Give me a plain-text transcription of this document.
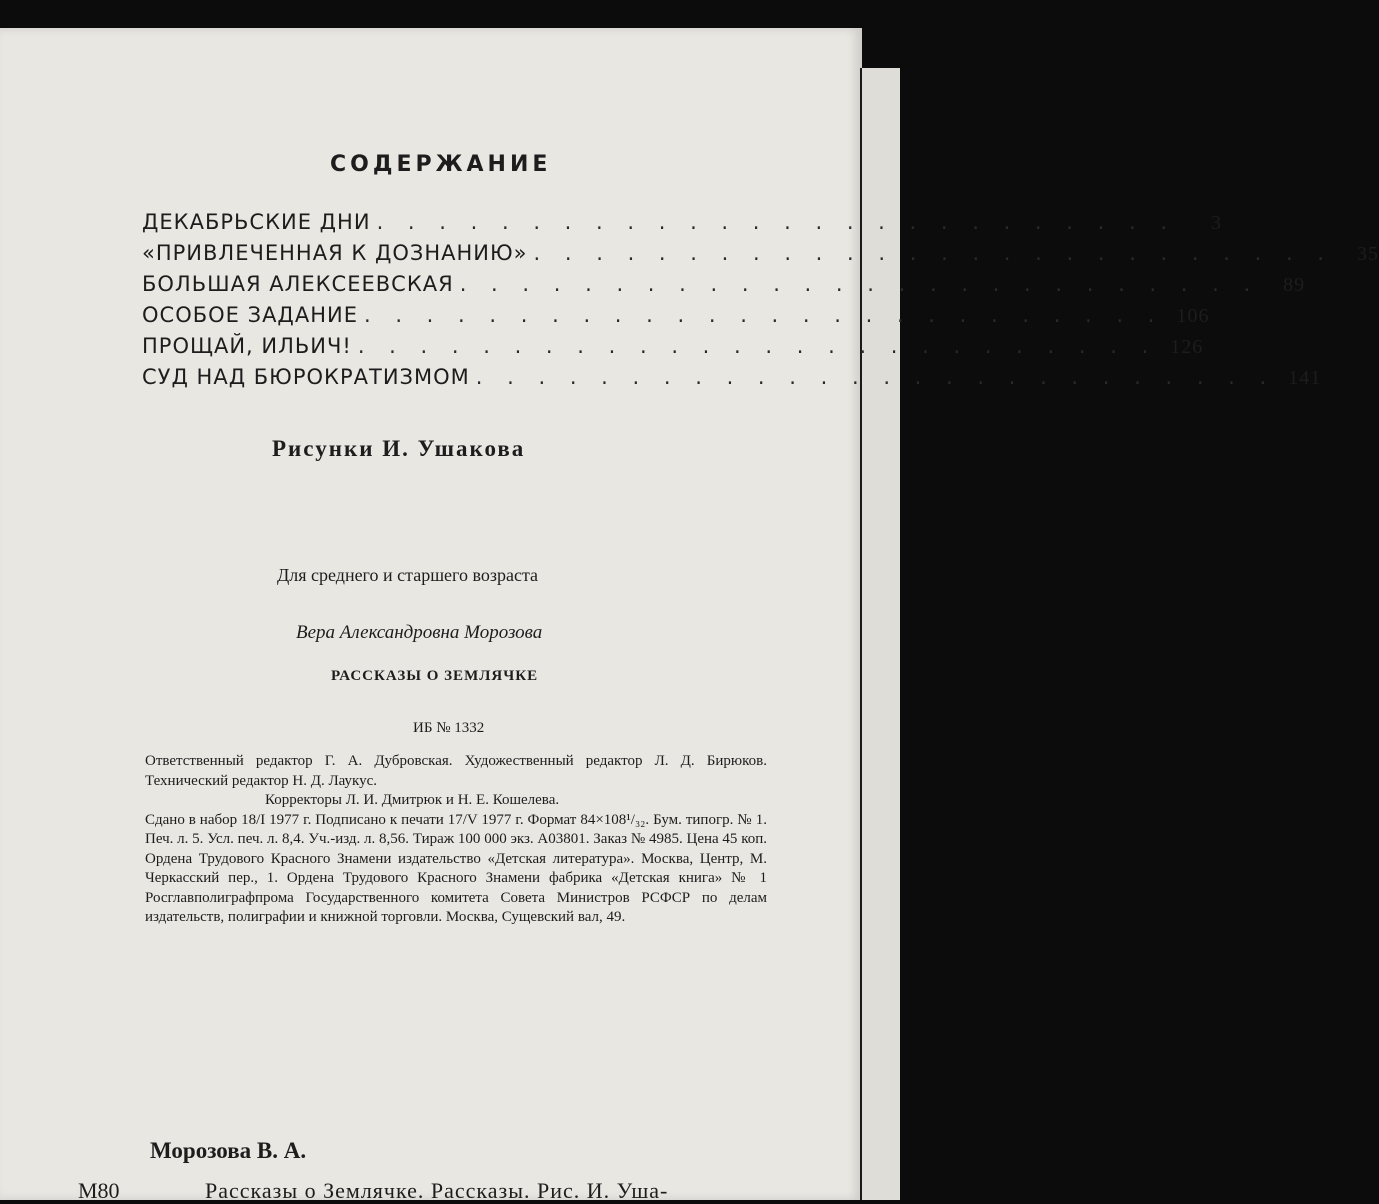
СОДЕРЖАНИЕ
ДЕКАБРЬСКИЕ ДНИ . . . . . . . . . . . . . . . . . . . . . . . . . .	3
«ПРИВЛЕЧЕННАЯ К ДОЗНАНИЮ» . . . . . . . . . . . . . . . . . . . . . . . . . .	35
БОЛЬШАЯ АЛЕКСЕЕВСКАЯ . . . . . . . . . . . . . . . . . . . . . . . . . .	89
ОСОБОЕ ЗАДАНИЕ . . . . . . . . . . . . . . . . . . . . . . . . . . 106
ПРОЩАЙ, ИЛЬИЧ! . . . . . . . . . . . . . . . . . . . . . . . . . . 126
СУД НАД БЮРОКРАТИЗМОМ . . . . . . . . . . . . . . . . . . . . . . . . . . 141
Рисунки И. Ушакова
Для среднего и старшего возраста
Вера Александровна Морозова
РАССКАЗЫ О ЗЕМЛЯЧКЕ
ИБ № 1332

Ответственный редактор Г. А. Дубровская. Художественный редактор Л. Д. Бирюков. Технический редактор Н. Д. Лаукус.

Корректоры Л. И. Дмитрюк и Н. Е. Кошелева.

Сдано в набор 18/I 1977 г. Подписано к печати 17/V 1977 г. Формат 84×108¹/₃₂. Бум. типогр. № 1. Печ. л. 5. Усл. печ. л. 8,4. Уч.-изд. л. 8,56. Тираж 100 000 экз. А03801. Заказ № 4985. Цена 45 коп. Ордена Трудового Красного Знамени издательство «Детская литература». Москва, Центр, М. Черкасский пер., 1. Ордена Трудового Красного Знамени фабрика «Детская книга» № 1 Росглавполиграфпрома Государственного комитета Совета Министров РСФСР по делам издательств, полиграфии и книжной торговли. Москва, Сущевский вал, 49.

Морозова В. А.
М80	Рассказы о Землячке. Рассказы. Рис. И. Уша-
